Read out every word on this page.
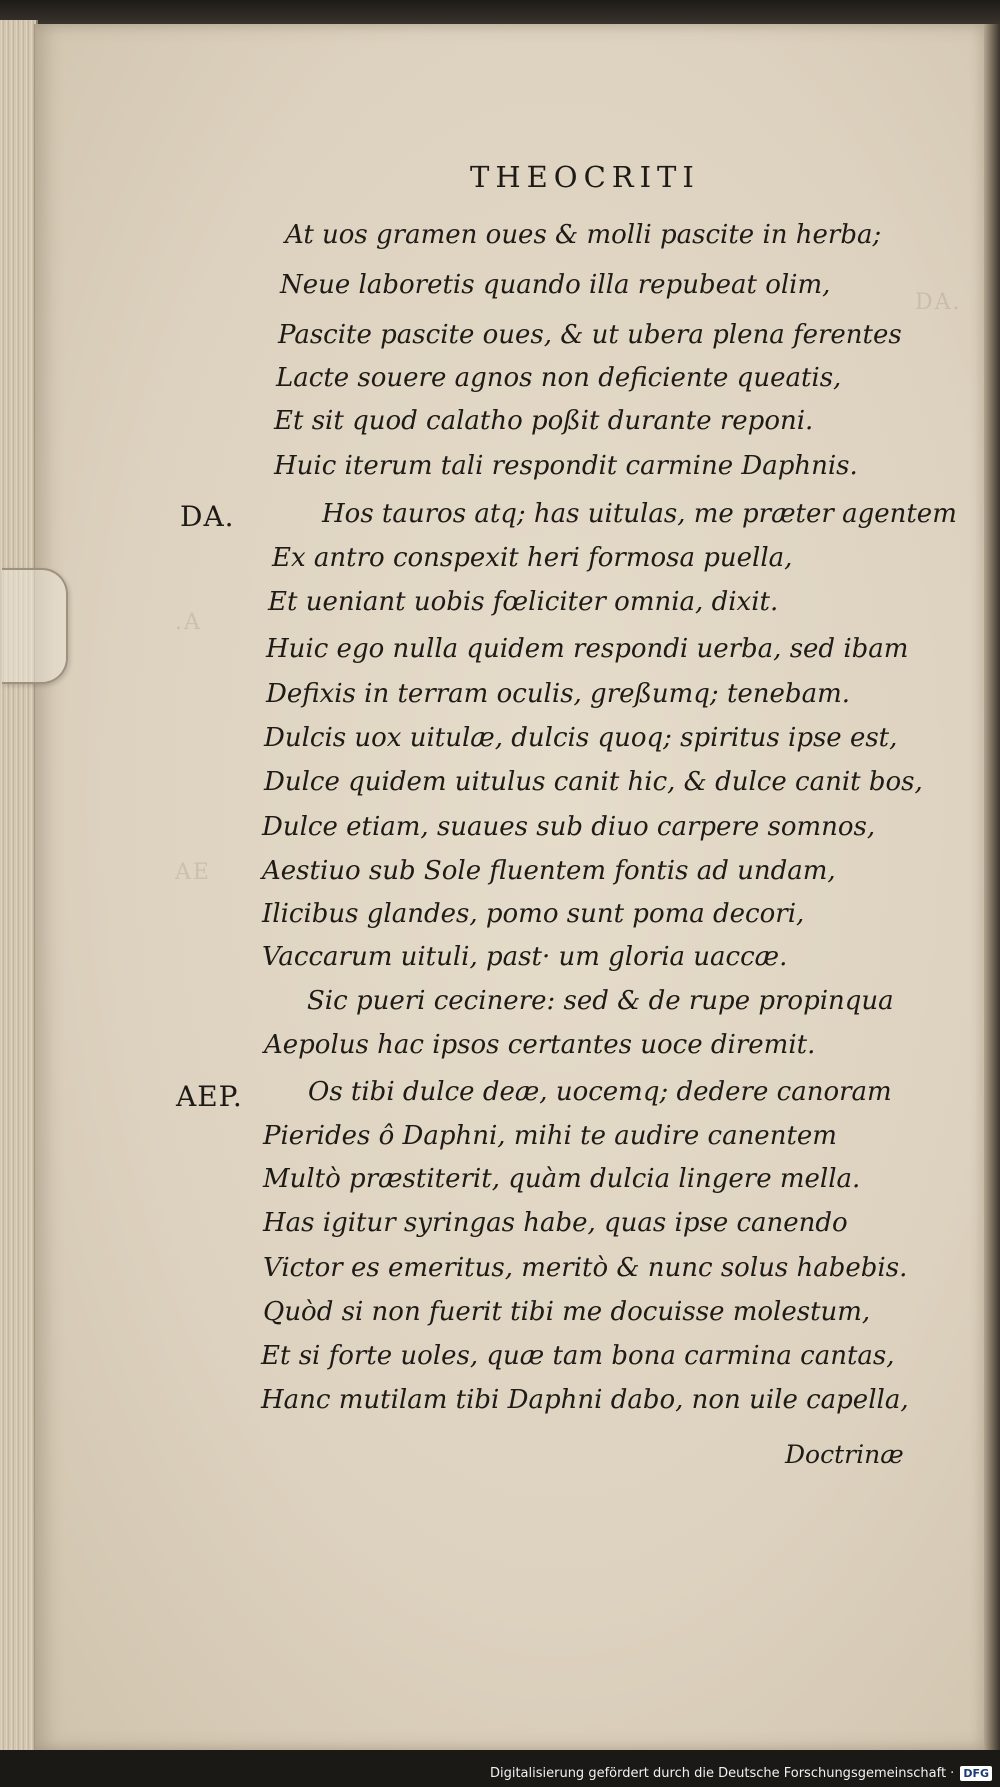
DA.
.A
AE
THEOCRITI
DA.
AEP.
At uos gramen oues & molli pascite in herba;
Neue laboretis quando illa repubeat olim,
Pascite pascite oues, & ut ubera plena ferentes
Lacte souere agnos non deficiente queatis,
Et sit quod calatho poßit durante reponi.
Huic iterum tali respondit carmine Daphnis.
Hos tauros atq; has uitulas, me præter agentem
Ex antro conspexit heri formosa puella,
Et ueniant uobis fœliciter omnia, dixit.
Huic ego nulla quidem respondi uerba, sed ibam
Defixis in terram oculis, greßumq; tenebam.
Dulcis uox uitulæ, dulcis quoq; spiritus ipse est,
Dulce quidem uitulus canit hic, & dulce canit bos,
Dulce etiam, suaues sub diuo carpere somnos,
Aestiuo sub Sole fluentem fontis ad undam,
Ilicibus glandes, pomo sunt poma decori,
Vaccarum uituli, past· um gloria uaccæ.
Sic pueri cecinere: sed & de rupe propinqua
Aepolus hac ipsos certantes uoce diremit.
Os tibi dulce deæ, uocemq; dedere canoram
Pierides ô Daphni, mihi te audire canentem
Multò præstiterit, quàm dulcia lingere mella.
Has igitur syringas habe, quas ipse canendo
Victor es emeritus, meritò & nunc solus habebis.
Quòd si non fuerit tibi me docuisse molestum,
Et si forte uoles, quæ tam bona carmina cantas,
Hanc mutilam tibi Daphni dabo, non uile capella,
Doctrinæ
Digitalisierung gefördert durch die Deutsche Forschungsgemeinschaft · DFG
